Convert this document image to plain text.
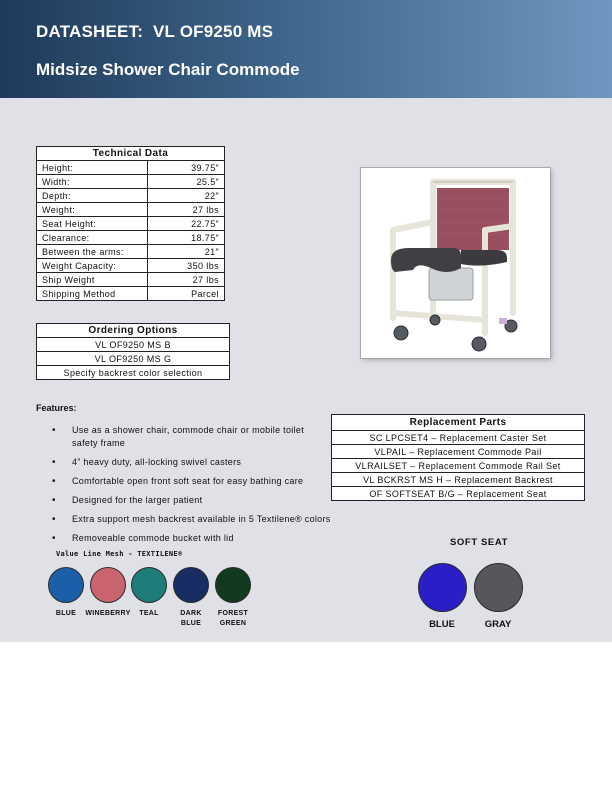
DATASHEET:  VL OF9250 MS
Midsize Shower Chair Commode
Technical Data	
Height:	39.75”
Width:	25.5”
Depth:	22”
Weight:	27 lbs
Seat Height:	22.75”
Clearance:	18.75”
Between the arms:	21”
Weight Capacity:	350 lbs
Ship Weight	27 lbs
Shipping Method	Parcel
Ordering Options
VL OF9250 MS B
VL OF9250 MS G
Specify backrest color selection
Features:
• Use as a shower chair, commode chair or mobile toilet safety frame
• 4” heavy duty, all-locking swivel casters
• Comfortable open front soft seat for easy bathing care
• Designed for the larger patient
• Extra support mesh backrest available in 5 Textilene® colors
• Removeable commode bucket with lid
Replacement Parts
SC LPCSET4 – Replacement Caster Set
VLPAIL – Replacement Commode Pail
VLRAILSET – Replacement Commode Rail Set
VL BCKRST MS H – Replacement Backrest
OF SOFTSEAT B/G – Replacement Seat
Value Line Mesh - TEXTILENE®
BLUE	WINEBERRY	TEAL	DARK BLUE
FOREST GREEN
SOFT SEAT
BLUE	GRAY
